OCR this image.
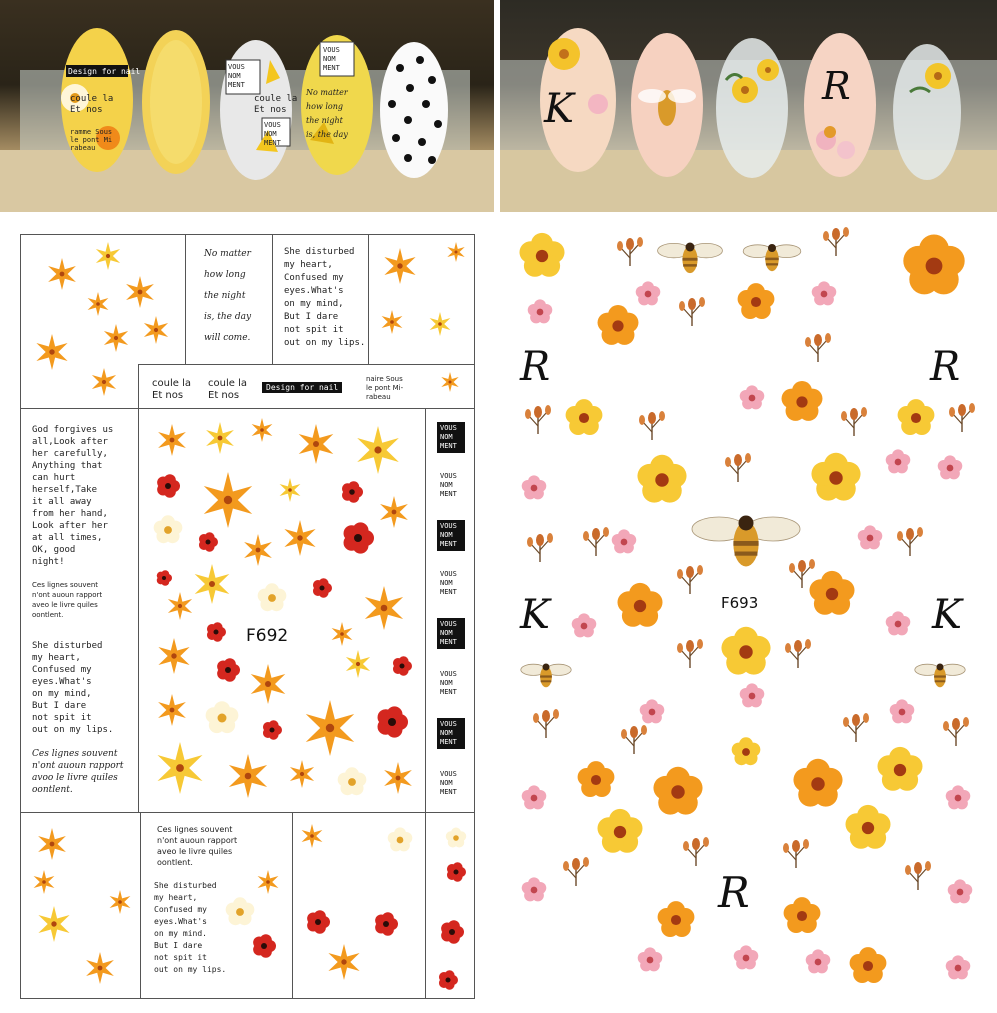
Design for nail
coule la
Et nos
ramme Sous
le pont Mi
rabeau
VOUS
NOM
MENT
coule la
Et nos
VOUS
NOM
MENT
VOUS
NOM
MENT
No matter
how long
the night
is, the day
K	R
No matter
how long
the night
is, the day
will come.
She disturbed
my heart,
Confused my
eyes.What's
on my mind,
But I dare
not spit it
out on my lips.
coule la
Et nos
coule la
Et nos
Design for nail
naire Sous
le pont Mi-
rabeau
God forgives us
all,Look after
her carefully,
Anything that
can hurt
herself,Take
it all away
from her hand,
Look after her
at all times,
OK, good
night!
Ces lignes souvent
n'ont auoun rapport
aveo le livre quiles
oontlent.
She disturbed
my heart,
Confused my
eyes.What's
on my mind,
But I dare
not spit it
out on my lips.
Ces lignes souvent
n'ont auoun rapport
avoo le livre quiles
oontlent.
Ces lignes souvent
n'ont auoun rapport
aveo le livre quiles
oontlent.
She disturbed
my heart,
Confused my
eyes.What's
on my mind.
But I dare
not spit it
out on my lips.
VOUS NOM MENT
VOUS NOM MENT
VOUS NOM MENT
VOUS NOM MENT
VOUS NOM MENT
VOUS NOM MENT
VOUS NOM MENT
VOUS NOM MENT
F692
F693
R	R
K	K
R
